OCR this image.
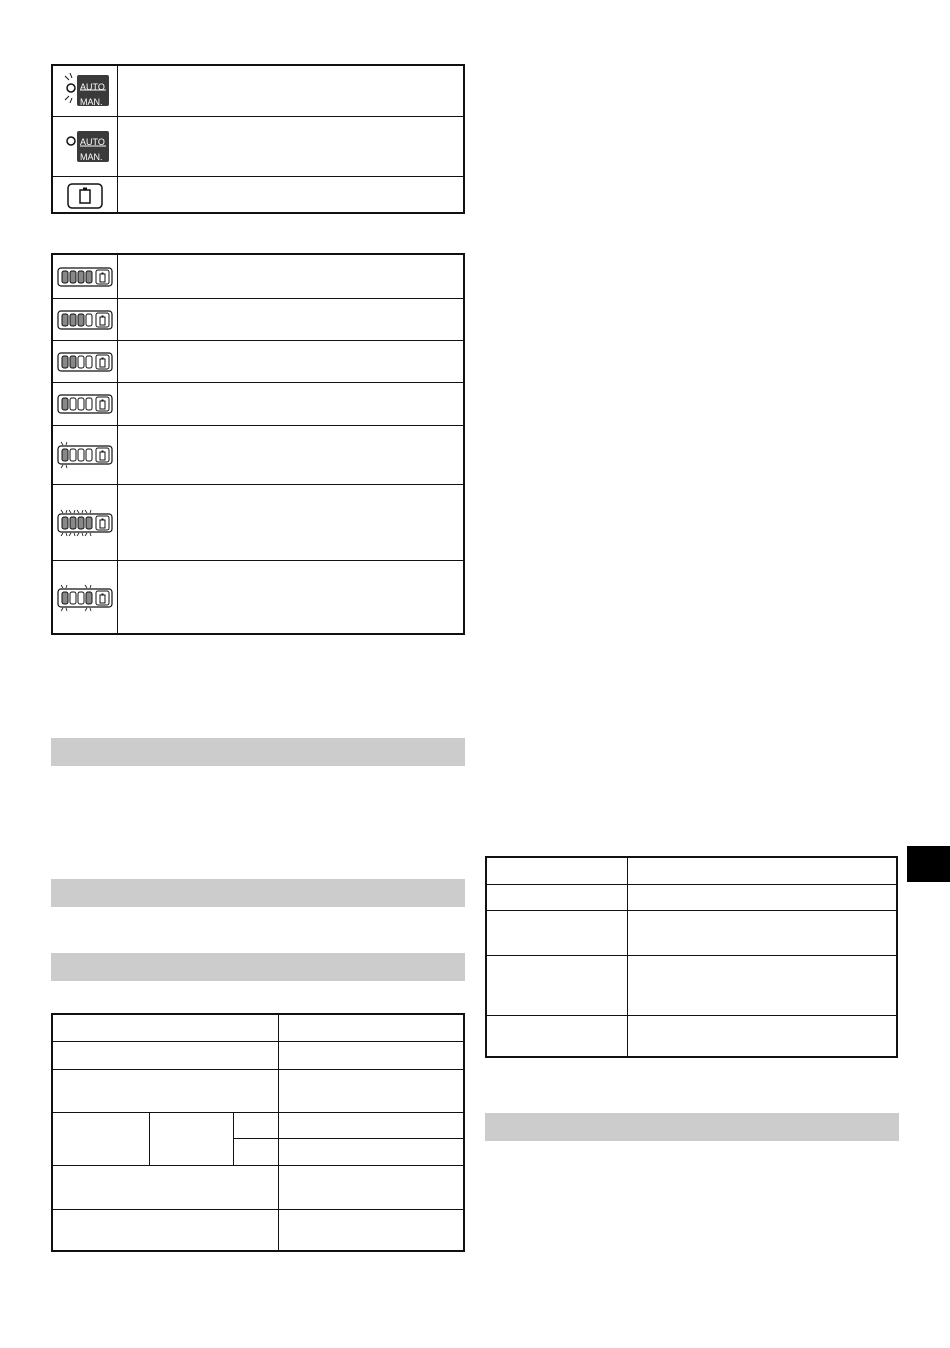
AUTO
MAN.
AUTO
MAN.
